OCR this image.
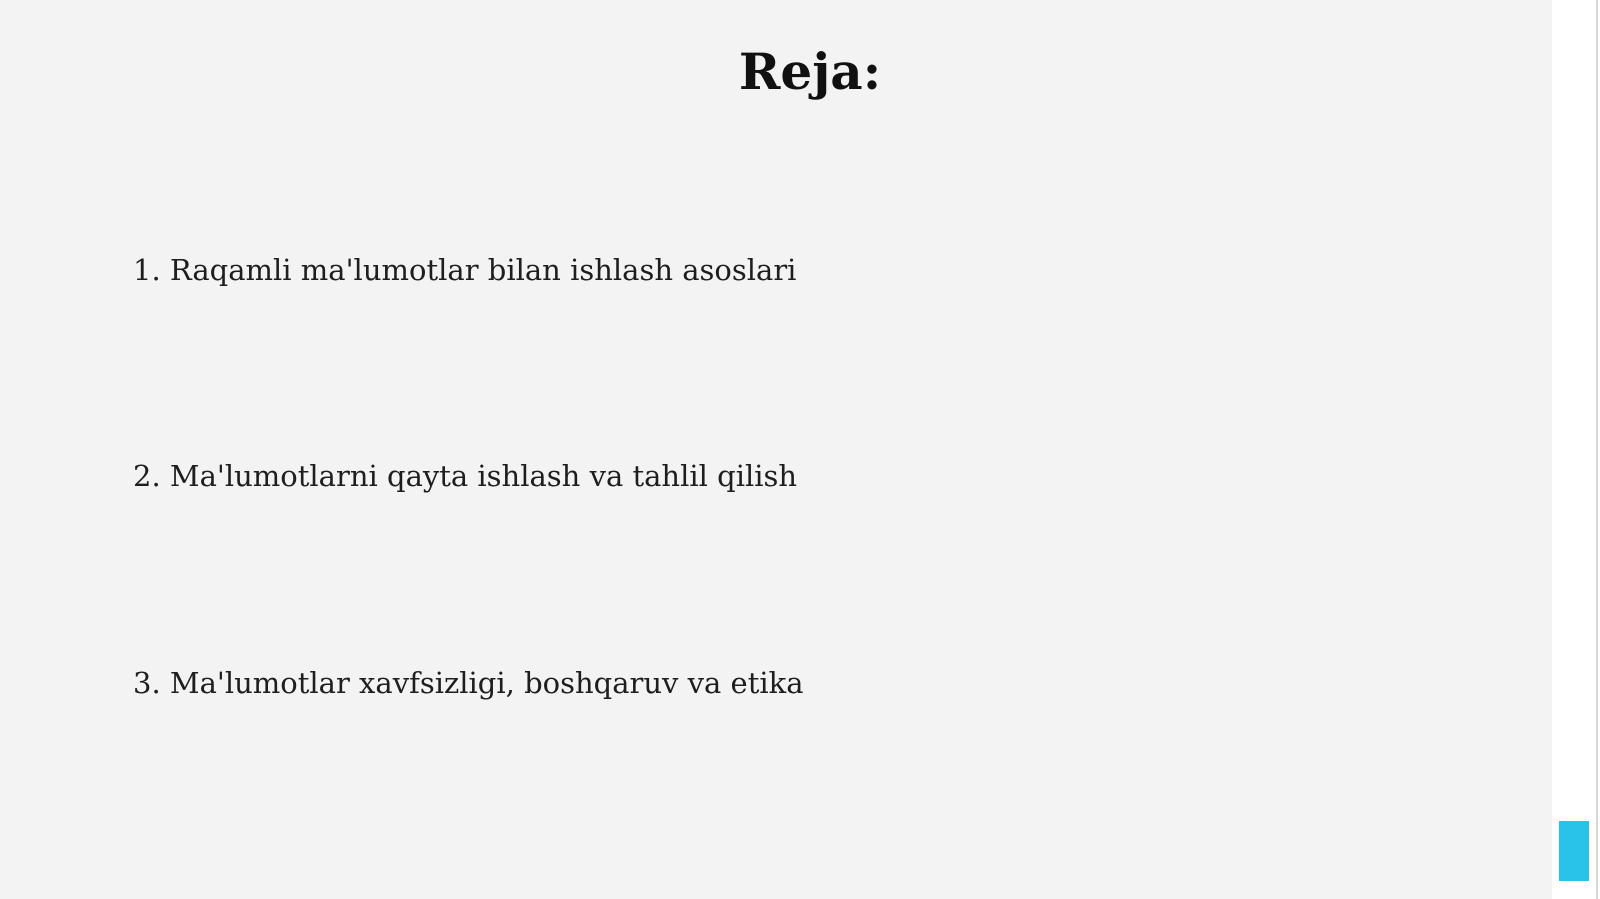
Reja:
1. Raqamli ma'lumotlar bilan ishlash asoslari
2. Ma'lumotlarni qayta ishlash va tahlil qilish
3. Ma'lumotlar xavfsizligi, boshqaruv va etika
